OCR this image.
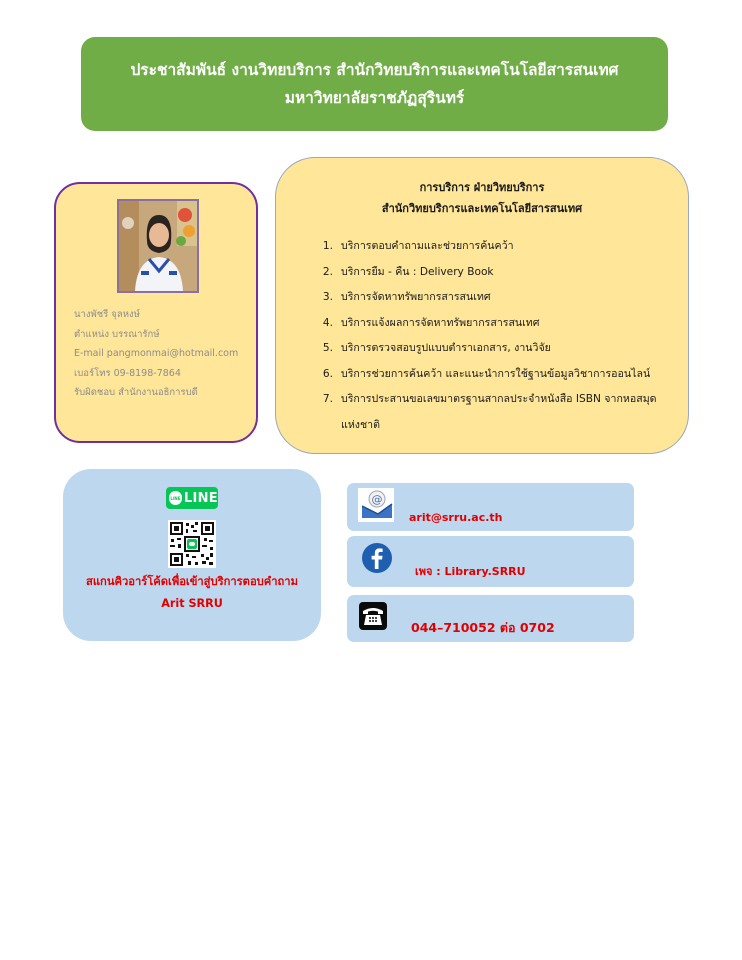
ประชาสัมพันธ์ งานวิทยบริการ สำนักวิทยบริการและเทคโนโลยีสารสนเทศ
มหาวิทยาลัยราชภัฏสุรินทร์
นางพัชรี จุลหงษ์
ตำแหน่ง บรรณารักษ์
E-mail pangmonmai@hotmail.com
เบอร์โทร 09-8198-7864
รับผิดชอบ สำนักงานอธิการบดี
การบริการ ฝ่ายวิทยบริการ
สำนักวิทยบริการและเทคโนโลยีสารสนเทศ
1. บริการตอบคำถามและช่วยการค้นคว้า
2. บริการยืม - คืน : Delivery Book
3. บริการจัดหาทรัพยากรสารสนเทศ
4. บริการแจ้งผลการจัดหาทรัพยากรสารสนเทศ
5. บริการตรวจสอบรูปแบบตำราเอกสาร, งานวิจัย
6. บริการช่วยการค้นคว้า และแนะนำการใช้ฐานข้อมูลวิชาการออนไลน์
7. บริการประสานขอเลขมาตรฐานสากลประจำหนังสือ ISBN จากหอสมุด
แห่งชาติ
LINE LINE
สแกนคิวอาร์โค้ดเพื่อเข้าสู่บริการตอบคำถาม
Arit SRRU
@
arit@srru.ac.th
เพจ : Library.SRRU
044–710052 ต่อ 0702
